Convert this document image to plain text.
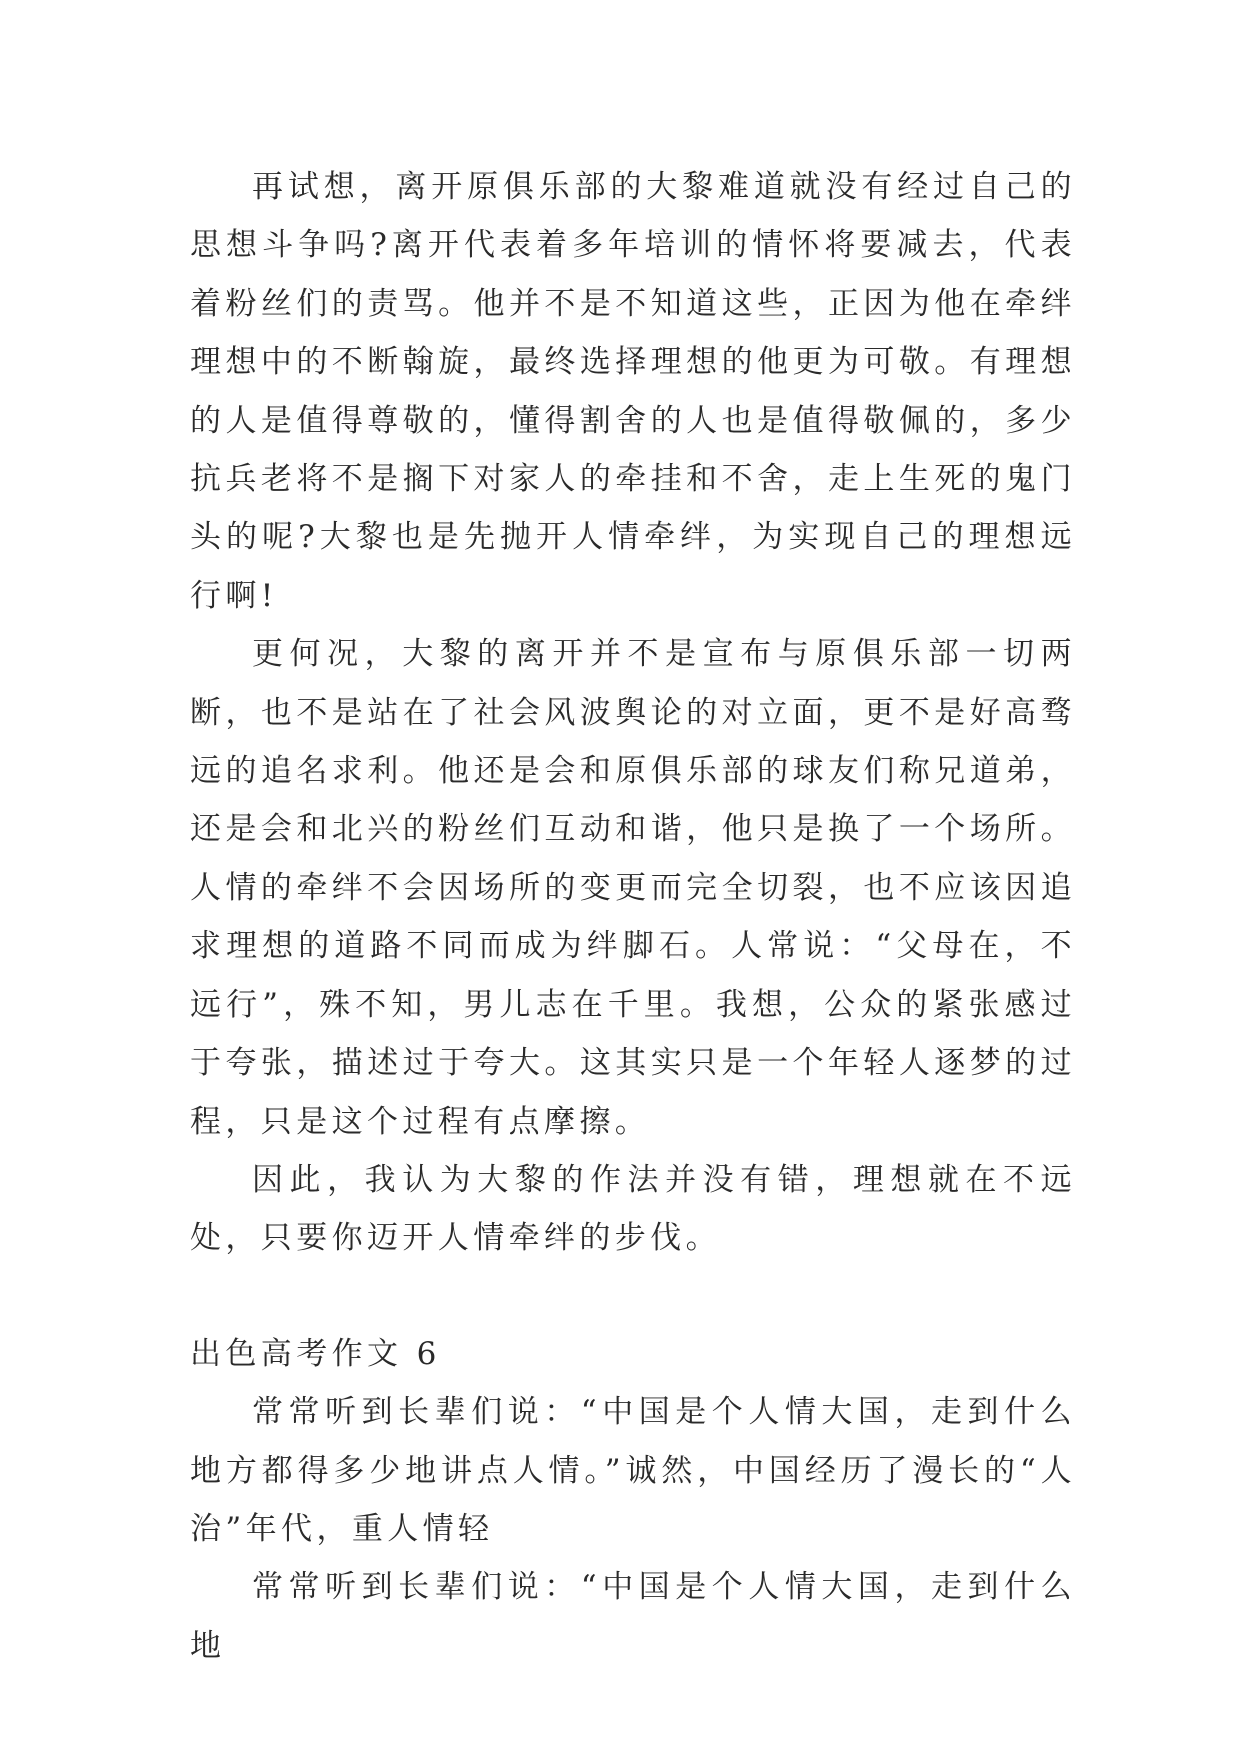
再试想，离开原俱乐部的大黎难道就没有经过自己的思想斗争吗?离开代表着多年培训的情怀将要减去，代表着粉丝们的责骂。他并不是不知道这些，正因为他在牵绊理想中的不断翰旋，最终选择理想的他更为可敬。有理想的人是值得尊敬的，懂得割舍的人也是值得敬佩的，多少抗兵老将不是搁下对家人的牵挂和不舍，走上生死的鬼门头的呢?大黎也是先抛开人情牵绊，为实现自己的理想远行啊!

更何况，大黎的离开并不是宣布与原俱乐部一切两断，也不是站在了社会风波舆论的对立面，更不是好高骛远的追名求利。他还是会和原俱乐部的球友们称兄道弟，还是会和北兴的粉丝们互动和谐，他只是换了一个场所。人情的牵绊不会因场所的变更而完全切裂，也不应该因追求理想的道路不同而成为绊脚石。人常说：“父母在，不远行”，殊不知，男儿志在千里。我想，公众的紧张感过于夸张，描述过于夸大。这其实只是一个年轻人逐梦的过程，只是这个过程有点摩擦。

因此，我认为大黎的作法并没有错，理想就在不远处，只要你迈开人情牵绊的步伐。

出色高考作文 6

常常听到长辈们说：“中国是个人情大国，走到什么地方都得多少地讲点人情。”诚然，中国经历了漫长的“人治”年代，重人情轻

常常听到长辈们说：“中国是个人情大国，走到什么地
